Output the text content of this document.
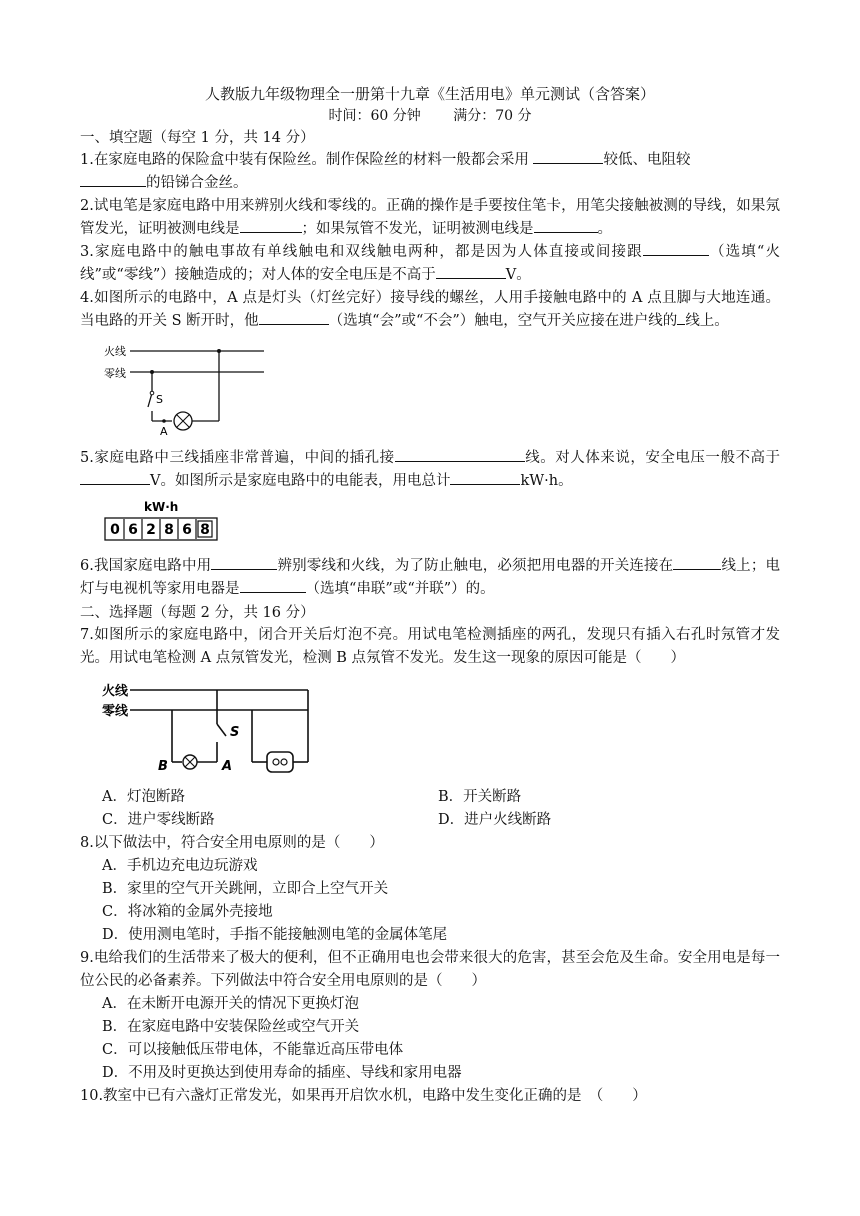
人教版九年级物理全一册第十九章《生活用电》单元测试（含答案）
时间：60 分钟 满分：70 分
一、填空题（每空 1 分，共 14 分）
1.在家庭电路的保险盒中装有保险丝。制作保险丝的材料一般都会采用	较低、电阻较
的铅锑合金丝。
2.试电笔是家庭电路中用来辨别火线和零线的。正确的操作是手要按住笔卡，用笔尖接触被测的导线，如果氖管发光，证明被测电线是	；如果氖管不发光，证明被测电线是	。
3.家庭电路中的触电事故有单线触电和双线触电两种，都是因为人体直接或间接跟	（选填“火线”或“零线”）接触造成的；对人体的安全电压是不高于	V。
4.如图所示的电路中，A 点是灯头（灯丝完好）接导线的螺丝，人用手接触电路中的 A 点且脚与大地连通。当电路的开关 S 断开时，他	（选填“会”或“不会”）触电，空气开关应接在进户线的 线上。
火线
零线
S
A
5.家庭电路中三线插座非常普遍，中间的插孔接	线。对人体来说，安全电压一般不高于V。如图所示是家庭电路中的电能表，用电总计	kW·h。
kW·h
0 6 2 8 6 8
6.我国家庭电路中用	辨别零线和火线，为了防止触电，必须把用电器的开关连接在	线上；电灯与电视机等家用电器是	（选填“串联”或“并联”）的。
二、选择题（每题 2 分，共 16 分）
7.如图所示的家庭电路中，闭合开关后灯泡不亮。用试电笔检测插座的两孔，发现只有插入右孔时氖管才发光。用试电笔检测 A 点氖管发光，检测 B 点氖管不发光。发生这一现象的原因可能是（　　）
火线
零线
S
B	A
A．灯泡断路	B．开关断路
C．进户零线断路	D．进户火线断路
8.以下做法中，符合安全用电原则的是（　　）
A．手机边充电边玩游戏
B．家里的空气开关跳闸，立即合上空气开关
C．将冰箱的金属外壳接地
D．使用测电笔时，手指不能接触测电笔的金属体笔尾
9.电给我们的生活带来了极大的便利，但不正确用电也会带来很大的危害，甚至会危及生命。安全用电是每一位公民的必备素养。下列做法中符合安全用电原则的是（　　）
A．在未断开电源开关的情况下更换灯泡
B．在家庭电路中安装保险丝或空气开关
C．可以接触低压带电体，不能靠近高压带电体
D．不用及时更换达到使用寿命的插座、导线和家用电器
10.教室中已有六盏灯正常发光，如果再开启饮水机，电路中发生变化正确的是　（　　）
